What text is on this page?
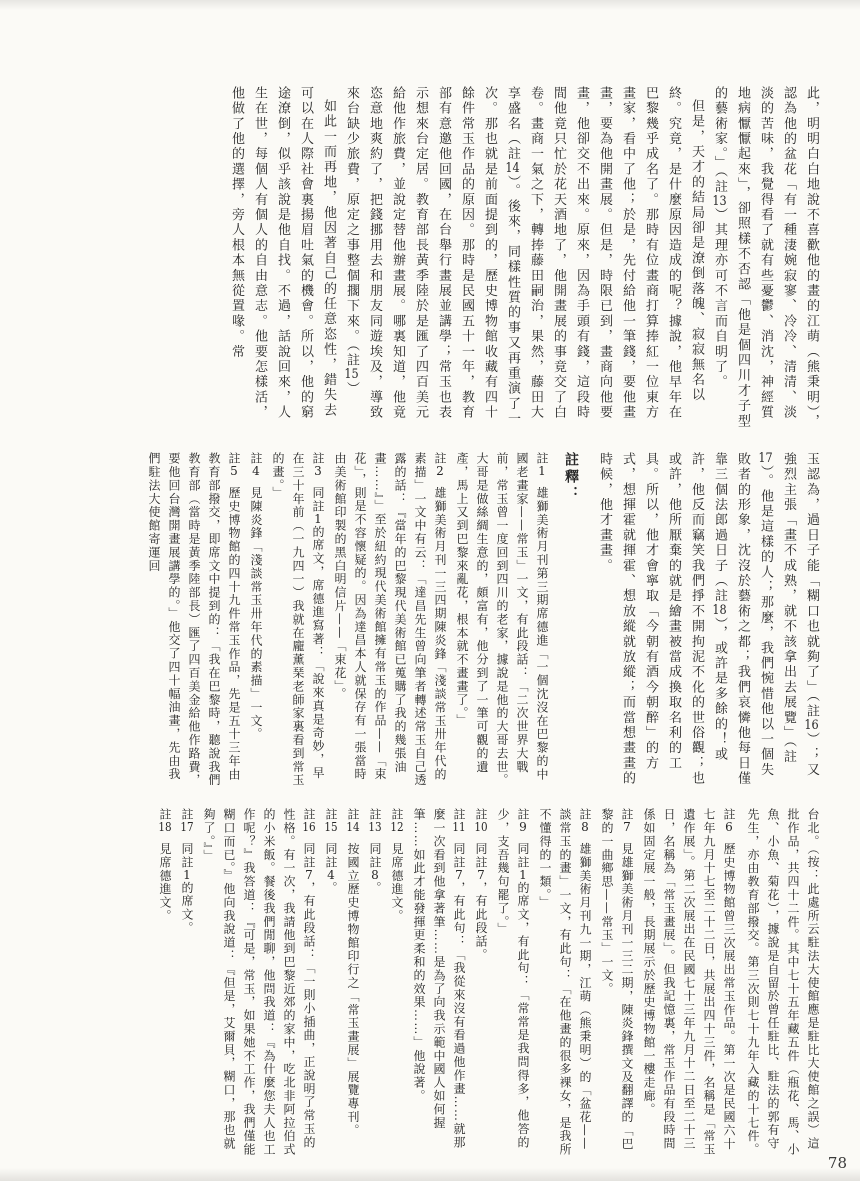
此，明明白白地說不喜歡他的畫的江萌（熊秉明），認為他的盆花「有一種淒婉寂寥、冷冷、清清、淡淡的苦味，我覺得看了就有些憂鬱、消沈，神經質地病懨懨起來」，卻照樣不否認「他是個四川才子型的藝術家。」（註13）其理亦可不言而自明了。

但是，天才的結局卻是潦倒落魄、寂寂無名以終。究竟，是什麼原因造成的呢？據說，他早年在巴黎幾乎成名了。那時有位畫商打算捧紅一位東方畫家，看中了他；於是，先付給他一筆錢，要他畫畫，要為他開畫展。但是，時限已到，畫商向他要畫，他卻交不出來。原來，因為手頭有錢，這段時間他竟只忙於花天酒地了，他開畫展的事竟交了白卷。畫商一氣之下，轉捧藤田嗣治，果然，藤田大享盛名（註14）。後來，同樣性質的事又再重演了一次。那也就是前面提到的，歷史博物館收藏有四十餘件常玉作品的原因。那時是民國五十一年，教育部有意邀他回國，在台舉行畫展並講學；常玉也表示想來台定居。教育部長黃季陸於是匯了四百美元給他作旅費，並說定替他辦畫展。哪裏知道，他竟恣意地爽約了，把錢挪用去和朋友同遊埃及，導致來台缺少旅費，原定之事整個擱下來。（註15）

如此一而再地，他因著自己的任意恣性，錯失去可以在人際社會裏揚眉吐氣的機會。所以，他的窮途潦倒，似乎該說是他自找。不過，話說回來，人生在世，每個人有個人的自由意志。他要怎樣活，他做了他的選擇，旁人根本無從置喙。常

玉認為，過日子能「糊口也就夠了」（註16）；又強烈主張「畫不成熟，就不該拿出去展覽」（註17）。他是這樣的人；那麼，我們惋惜他以一個失敗者的形象，沈沒於藝術之都；我們哀憐他每日僅靠三個法郎過日子（註18），或許是多餘的！或許，他反而竊笑我們掙不開拘泥不化的世俗觀；也或許，他所厭棄的就是繪畫被當成換取名利的工具。所以，他才會寧取「今朝有酒今朝醉」的方式，想揮霍就揮霍、想放縱就放縱；而當想畫畫的時候，他才畫畫。

註釋：
註1雄獅美術月刊第三期席德進「一個沈沒在巴黎的中國老畫家——常玉」一文，有此段話：「二次世界大戰前，常玉曾一度回到四川的老家，據說是他的大哥去世。大哥是做絲綢生意的，頗富有，他分到了一筆可觀的遺產，馬上又到巴黎來亂花，根本就不畫畫了。」
註2雄獅美術月刊一三四期陳炎鋒「淺談常玉卅年代的素描」一文中有云：「達昌先生曾向筆者轉述常玉自己透露的話：『當年的巴黎現代美術館已蒐購了我的幾張油畫……』」至於紐約現代美術館擁有常玉的作品——「束花」，則是不容懷疑的。因為達昌本人就保存有一張當時由美術館印製的黑白明信片——「束花」。
註3同註1的席文，席德進寫著：「說來真是奇妙，早在三十年前（一九四一）我就在龐薰琹老師家裏看到常玉的畫。」
註4見陳炎鋒「淺談常玉卅年代的素描」一文。
註5歷史博物館的四十九件常玉作品，先是五十三年由教育部撥交，即席文中提到的：「我在巴黎時，聽說我們教育部（當時是黃季陸部長）匯了四百美金給他作路費，要他回台灣開畫展講學的。」他交了四十幅油畫，先由我們駐法大使館寄運回

台北。（按：此處所云駐法大使館應是駐比大使館之誤）這批作品，共四十二件。其中七十五年藏五件（瓶花、馬、小魚、小魚、菊花），據說是自留於曾任駐比、駐法的郭有守先生，亦由教育部撥交。第三次則七十九年入藏的十七件。

註6歷史博物館曾三次展出常玉作品。第一次是民國六十七年九月十七至二十二日，共展出四十三件，名稱是「常玉遺作展」。第二次展出在民國七十三年九月十二日至二十三日，名稱為「常玉畫展」。但我記憶裏，常玉作品有段時間係如固定展一般，長期展示於歷史博物館一樓走廊。
註7見雄獅美術月刊一三二期，陳炎鋒撰文及翻譯的「巴黎的一曲鄉思——常玉」一文。
註8雄獅美術月刊九一期，江萌（熊秉明）的「盆花——談常玉的畫」一文，有此句：「在他畫的很多裸女，是我所不懂得的一類。」
註9同註1的席文，有此句：「常常是我問得多，他答的少，支吾幾句罷了。」
註10同註7，有此段話。
註11同註7，有此句：「我從來沒有看過他作畫……就那麼一次看到他拿著筆……是為了向我示範中國人如何握筆……如此才能發揮更柔和的效果……」他說著。
註12見席德進文。
註13同註8。
註14按國立歷史博物館印行之「常玉畫展」展覽專刊。
註15同註4。
註16同註7，有此段話：「一則小插曲，正說明了常玉的性格。有一次，我請他到巴黎近郊的家中，吃北非阿拉伯式的小米飯。餐後我們閒聊，他問我道：『為什麼您夫人也工作呢？』我答道：『可是，常玉，如果她不工作，我們僅能糊口而已。』他向我說道：『但是，艾爾貝，糊口，那也就夠了。』」
註17同註1的席文。
註18見席德進文。
78
